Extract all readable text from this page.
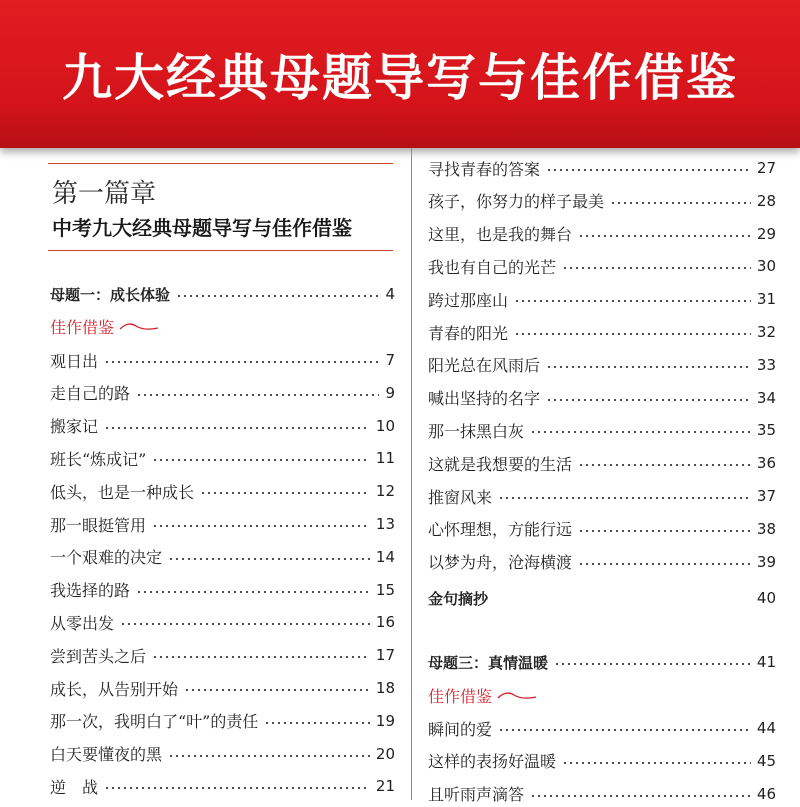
九大经典母题导写与佳作借鉴
第一篇章
中考九大经典母题导写与佳作借鉴
母题一：成长体验	4
佳作借鉴
观日出	7
走自己的路	9
搬家记	10
班长“炼成记”	11
低头，也是一种成长	12
那一眼挺管用	13
一个艰难的决定	14
我选择的路	15
从零出发	16
尝到苦头之后	17
成长，从告别开始	18
那一次，我明白了“叶”的责任	19
白天要懂夜的黑	20
逆　战	21
寻找青春的答案	27
孩子，你努力的样子最美	28
这里，也是我的舞台	29
我也有自己的光芒	30
跨过那座山	31
青春的阳光	32
阳光总在风雨后	33
喊出坚持的名字	34
那一抹黑白灰	35
这就是我想要的生活	36
推窗风来	37
心怀理想，方能行远	38
以梦为舟，沧海横渡	39
金句摘抄	40
母题三：真情温暖	41
佳作借鉴
瞬间的爱	44
这样的表扬好温暖	45
且听雨声滴答	46
